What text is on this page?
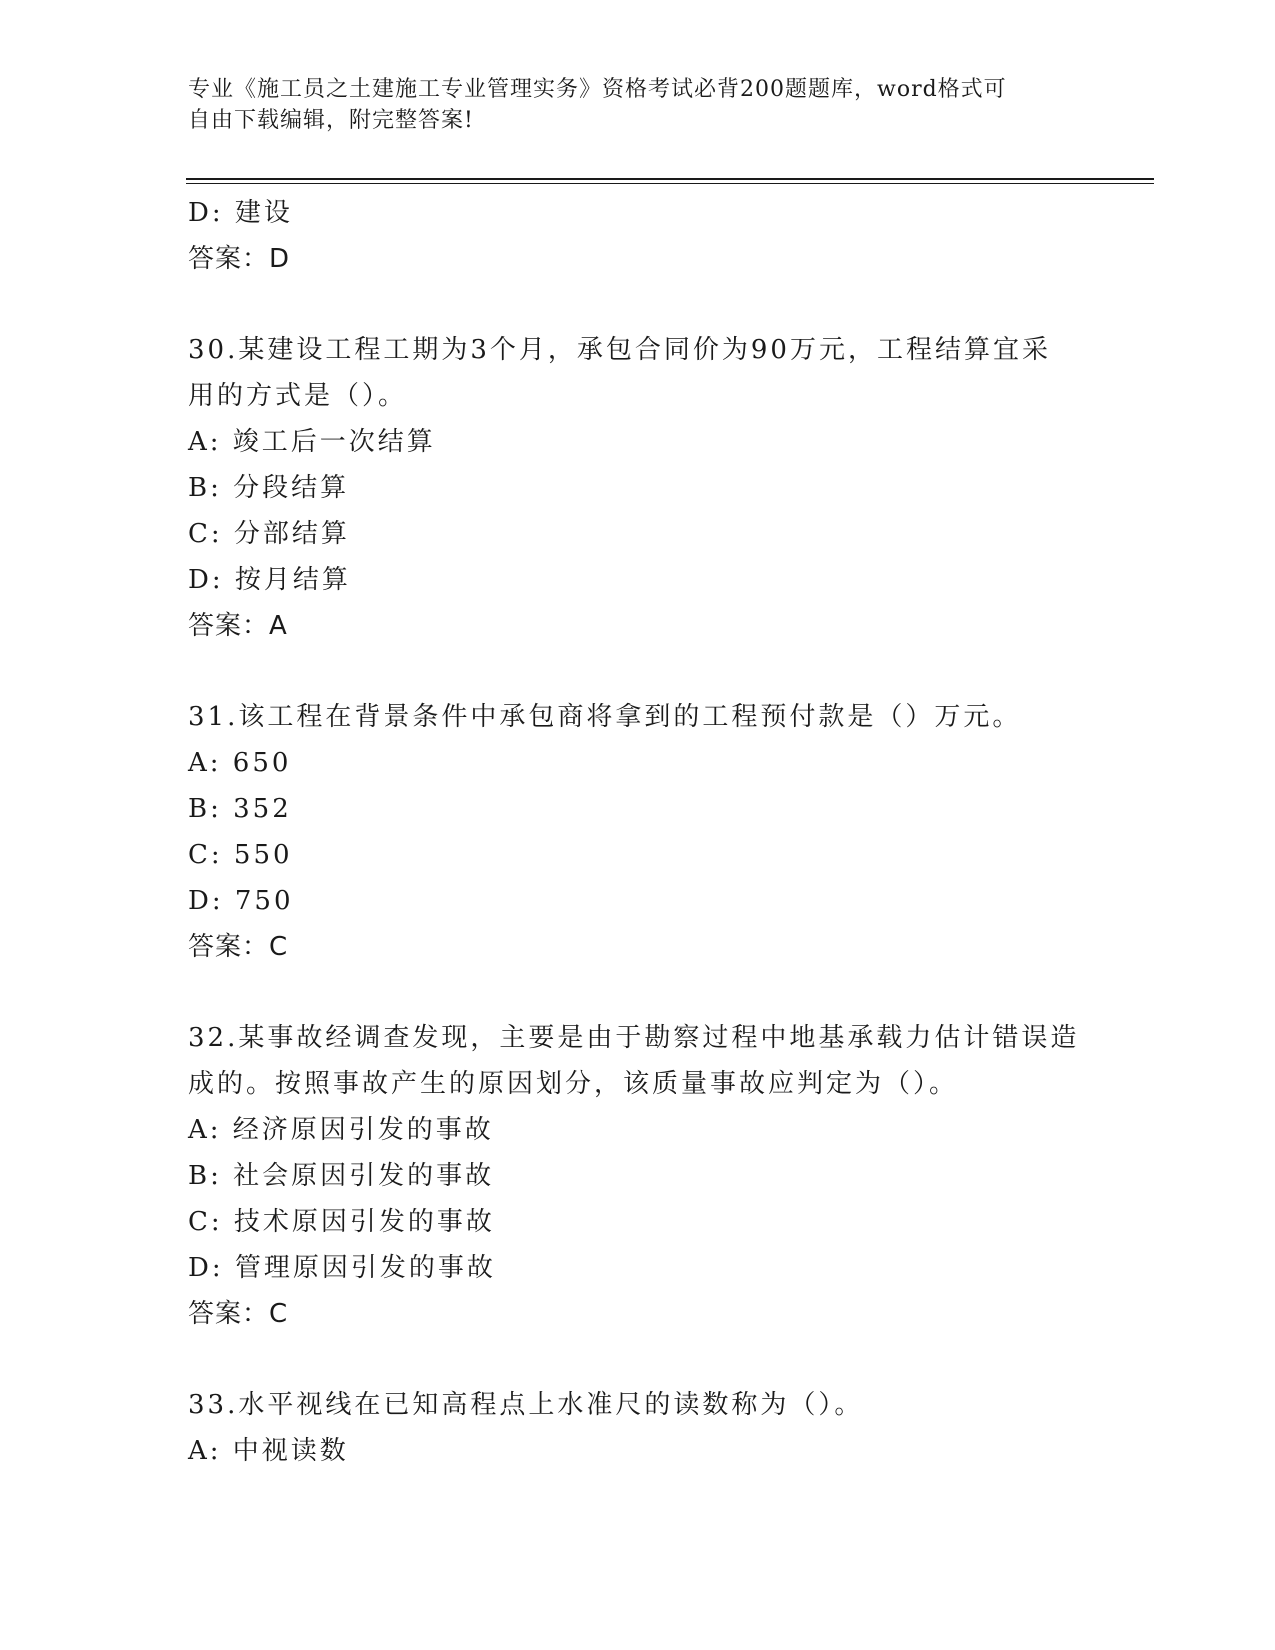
专业《施工员之土建施工专业管理实务》资格考试必背200题题库，word格式可
自由下载编辑，附完整答案!
D: 建设
答案：D
30.某建设工程工期为3个月，承包合同价为90万元，工程结算宜采
用的方式是（）。
A: 竣工后一次结算
B: 分段结算
C: 分部结算
D: 按月结算
答案：A
31.该工程在背景条件中承包商将拿到的工程预付款是（）万元。
A: 650
B: 352
C: 550
D: 750
答案：C
32.某事故经调查发现，主要是由于勘察过程中地基承载力估计错误造
成的。按照事故产生的原因划分，该质量事故应判定为（）。
A: 经济原因引发的事故
B: 社会原因引发的事故
C: 技术原因引发的事故
D: 管理原因引发的事故
答案：C
33.水平视线在已知高程点上水准尺的读数称为（）。
A: 中视读数
